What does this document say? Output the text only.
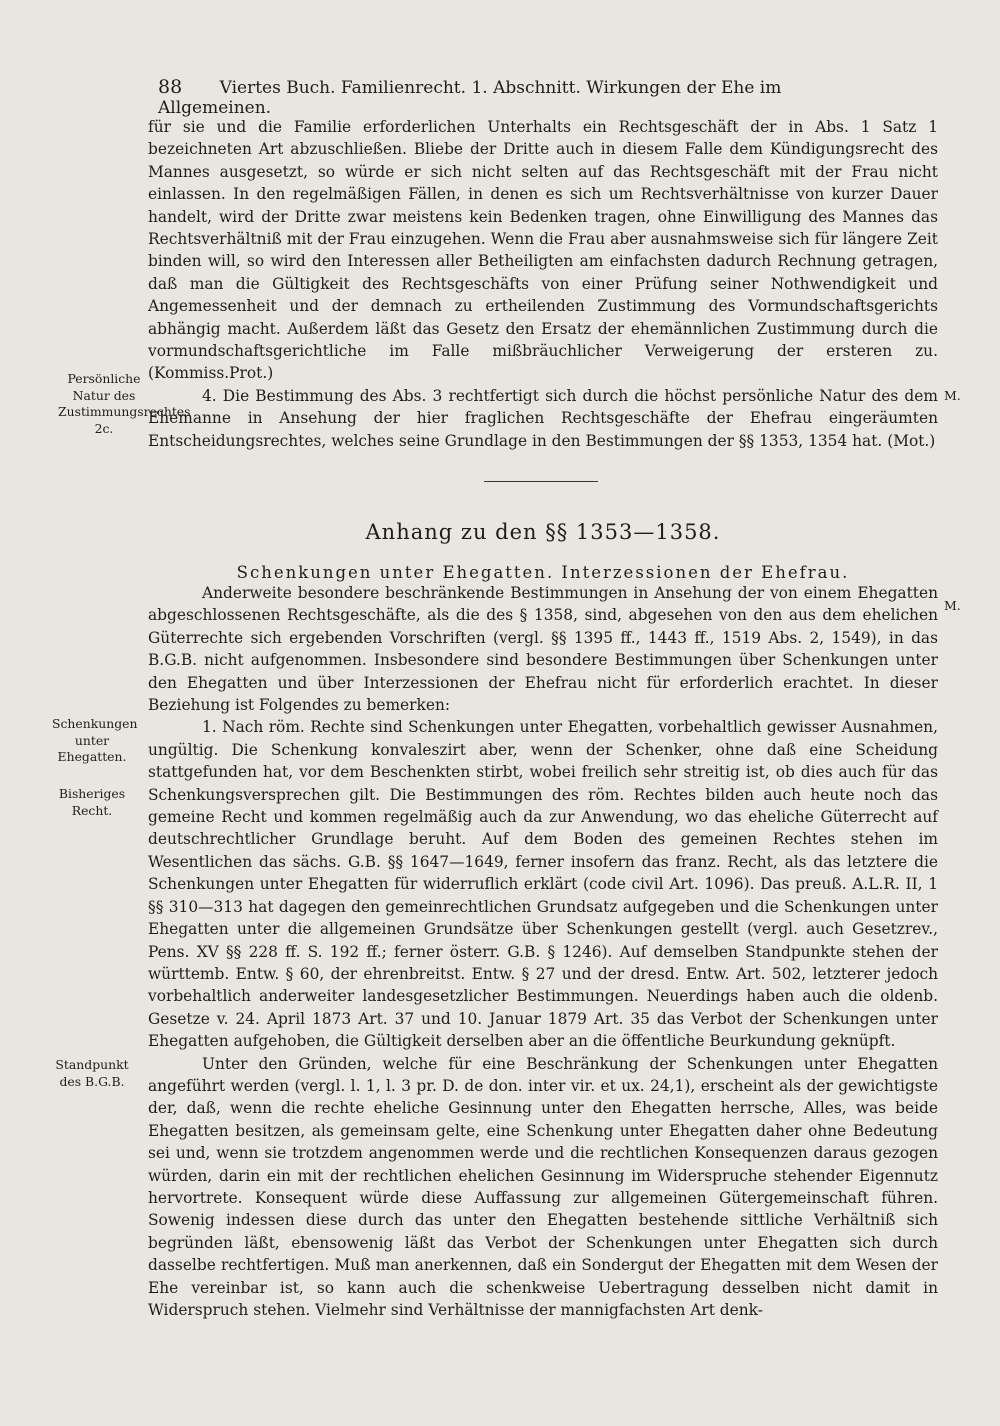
88 Viertes Buch. Familienrecht. 1. Abschnitt. Wirkungen der Ehe im Allgemeinen.

für sie und die Familie erforderlichen Unterhalts ein Rechtsgeschäft der in Abs. 1 Satz 1 bezeichneten Art abzuschließen. Bliebe der Dritte auch in diesem Falle dem Kündigungsrecht des Mannes ausgesetzt, so würde er sich nicht selten auf das Rechtsgeschäft mit der Frau nicht einlassen. In den regelmäßigen Fällen, in denen es sich um Rechtsverhältnisse von kurzer Dauer handelt, wird der Dritte zwar meistens kein Bedenken tragen, ohne Einwilligung des Mannes das Rechtsverhältniß mit der Frau einzugehen. Wenn die Frau aber ausnahmsweise sich für längere Zeit binden will, so wird den Interessen aller Betheiligten am einfachsten dadurch Rechnung getragen, daß man die Gültigkeit des Rechtsgeschäfts von einer Prüfung seiner Nothwendigkeit und Angemessenheit und der demnach zu ertheilenden Zustimmung des Vormundschaftsgerichts abhängig macht. Außerdem läßt das Gesetz den Ersatz der ehemännlichen Zustimmung durch die vormundschaftsgerichtliche im Falle mißbräuchlicher Verweigerung der ersteren zu. (Kommiss.Prot.)

4. Die Bestimmung des Abs. 3 rechtfertigt sich durch die höchst persönliche Natur des dem Ehemanne in Ansehung der hier fraglichen Rechtsgeschäfte der Ehefrau eingeräumten Entscheidungsrechtes, welches seine Grundlage in den Bestimmungen der §§ 1353, 1354 hat. (Mot.)

Persönliche Natur des Zustimmungsrechtes 2c.
M.
Anhang zu den §§ 1353—1358.
Schenkungen unter Ehegatten. Interzessionen der Ehefrau.

Anderweite besondere beschränkende Bestimmungen in Ansehung der von einem Ehegatten abgeschlossenen Rechtsgeschäfte, als die des § 1358, sind, abgesehen von den aus dem ehelichen Güterrechte sich ergebenden Vorschriften (vergl. §§ 1395 ff., 1443 ff., 1519 Abs. 2, 1549), in das B.G.B. nicht aufgenommen. Insbesondere sind besondere Bestimmungen über Schenkungen unter den Ehegatten und über Interzessionen der Ehefrau nicht für erforderlich erachtet. In dieser Beziehung ist Folgendes zu bemerken:

1. Nach röm. Rechte sind Schenkungen unter Ehegatten, vorbehaltlich gewisser Ausnahmen, ungültig. Die Schenkung konvaleszirt aber, wenn der Schenker, ohne daß eine Scheidung stattgefunden hat, vor dem Beschenkten stirbt, wobei freilich sehr streitig ist, ob dies auch für das Schenkungsversprechen gilt. Die Bestimmungen des röm. Rechtes bilden auch heute noch das gemeine Recht und kommen regelmäßig auch da zur Anwendung, wo das eheliche Güterrecht auf deutschrechtlicher Grundlage beruht. Auf dem Boden des gemeinen Rechtes stehen im Wesentlichen das sächs. G.B. §§ 1647—1649, ferner insofern das franz. Recht, als das letztere die Schenkungen unter Ehegatten für widerruflich erklärt (code civil Art. 1096). Das preuß. A.L.R. II, 1 §§ 310—313 hat dagegen den gemeinrechtlichen Grundsatz aufgegeben und die Schenkungen unter Ehegatten unter die allgemeinen Grundsätze über Schenkungen gestellt (vergl. auch Gesetzrev., Pens. XV §§ 228 ff. S. 192 ff.; ferner österr. G.B. § 1246). Auf demselben Standpunkte stehen der württemb. Entw. § 60, der ehrenbreitst. Entw. § 27 und der dresd. Entw. Art. 502, letzterer jedoch vorbehaltlich anderweiter landesgesetzlicher Bestimmungen. Neuerdings haben auch die oldenb. Gesetze v. 24. April 1873 Art. 37 und 10. Januar 1879 Art. 35 das Verbot der Schenkungen unter Ehegatten aufgehoben, die Gültigkeit derselben aber an die öffentliche Beurkundung geknüpft.

Unter den Gründen, welche für eine Beschränkung der Schenkungen unter Ehegatten angeführt werden (vergl. l. 1, l. 3 pr. D. de don. inter vir. et ux. 24,1), erscheint als der gewichtigste der, daß, wenn die rechte eheliche Gesinnung unter den Ehegatten herrsche, Alles, was beide Ehegatten besitzen, als gemeinsam gelte, eine Schenkung unter Ehegatten daher ohne Bedeutung sei und, wenn sie trotzdem angenommen werde und die rechtlichen Konsequenzen daraus gezogen würden, darin ein mit der rechtlichen ehelichen Gesinnung im Widerspruche stehender Eigennutz hervortrete. Konsequent würde diese Auffassung zur allgemeinen Gütergemeinschaft führen. Sowenig indessen diese durch das unter den Ehegatten bestehende sittliche Verhältniß sich begründen läßt, ebensowenig läßt das Verbot der Schenkungen unter Ehegatten sich durch dasselbe rechtfertigen. Muß man anerkennen, daß ein Sondergut der Ehegatten mit dem Wesen der Ehe vereinbar ist, so kann auch die schenkweise Uebertragung desselben nicht damit in Widerspruch stehen. Vielmehr sind Verhältnisse der mannigfachsten Art denk-

M.
Schenkungen unter Ehegatten.
Bisheriges Recht.
Standpunkt des B.G.B.
